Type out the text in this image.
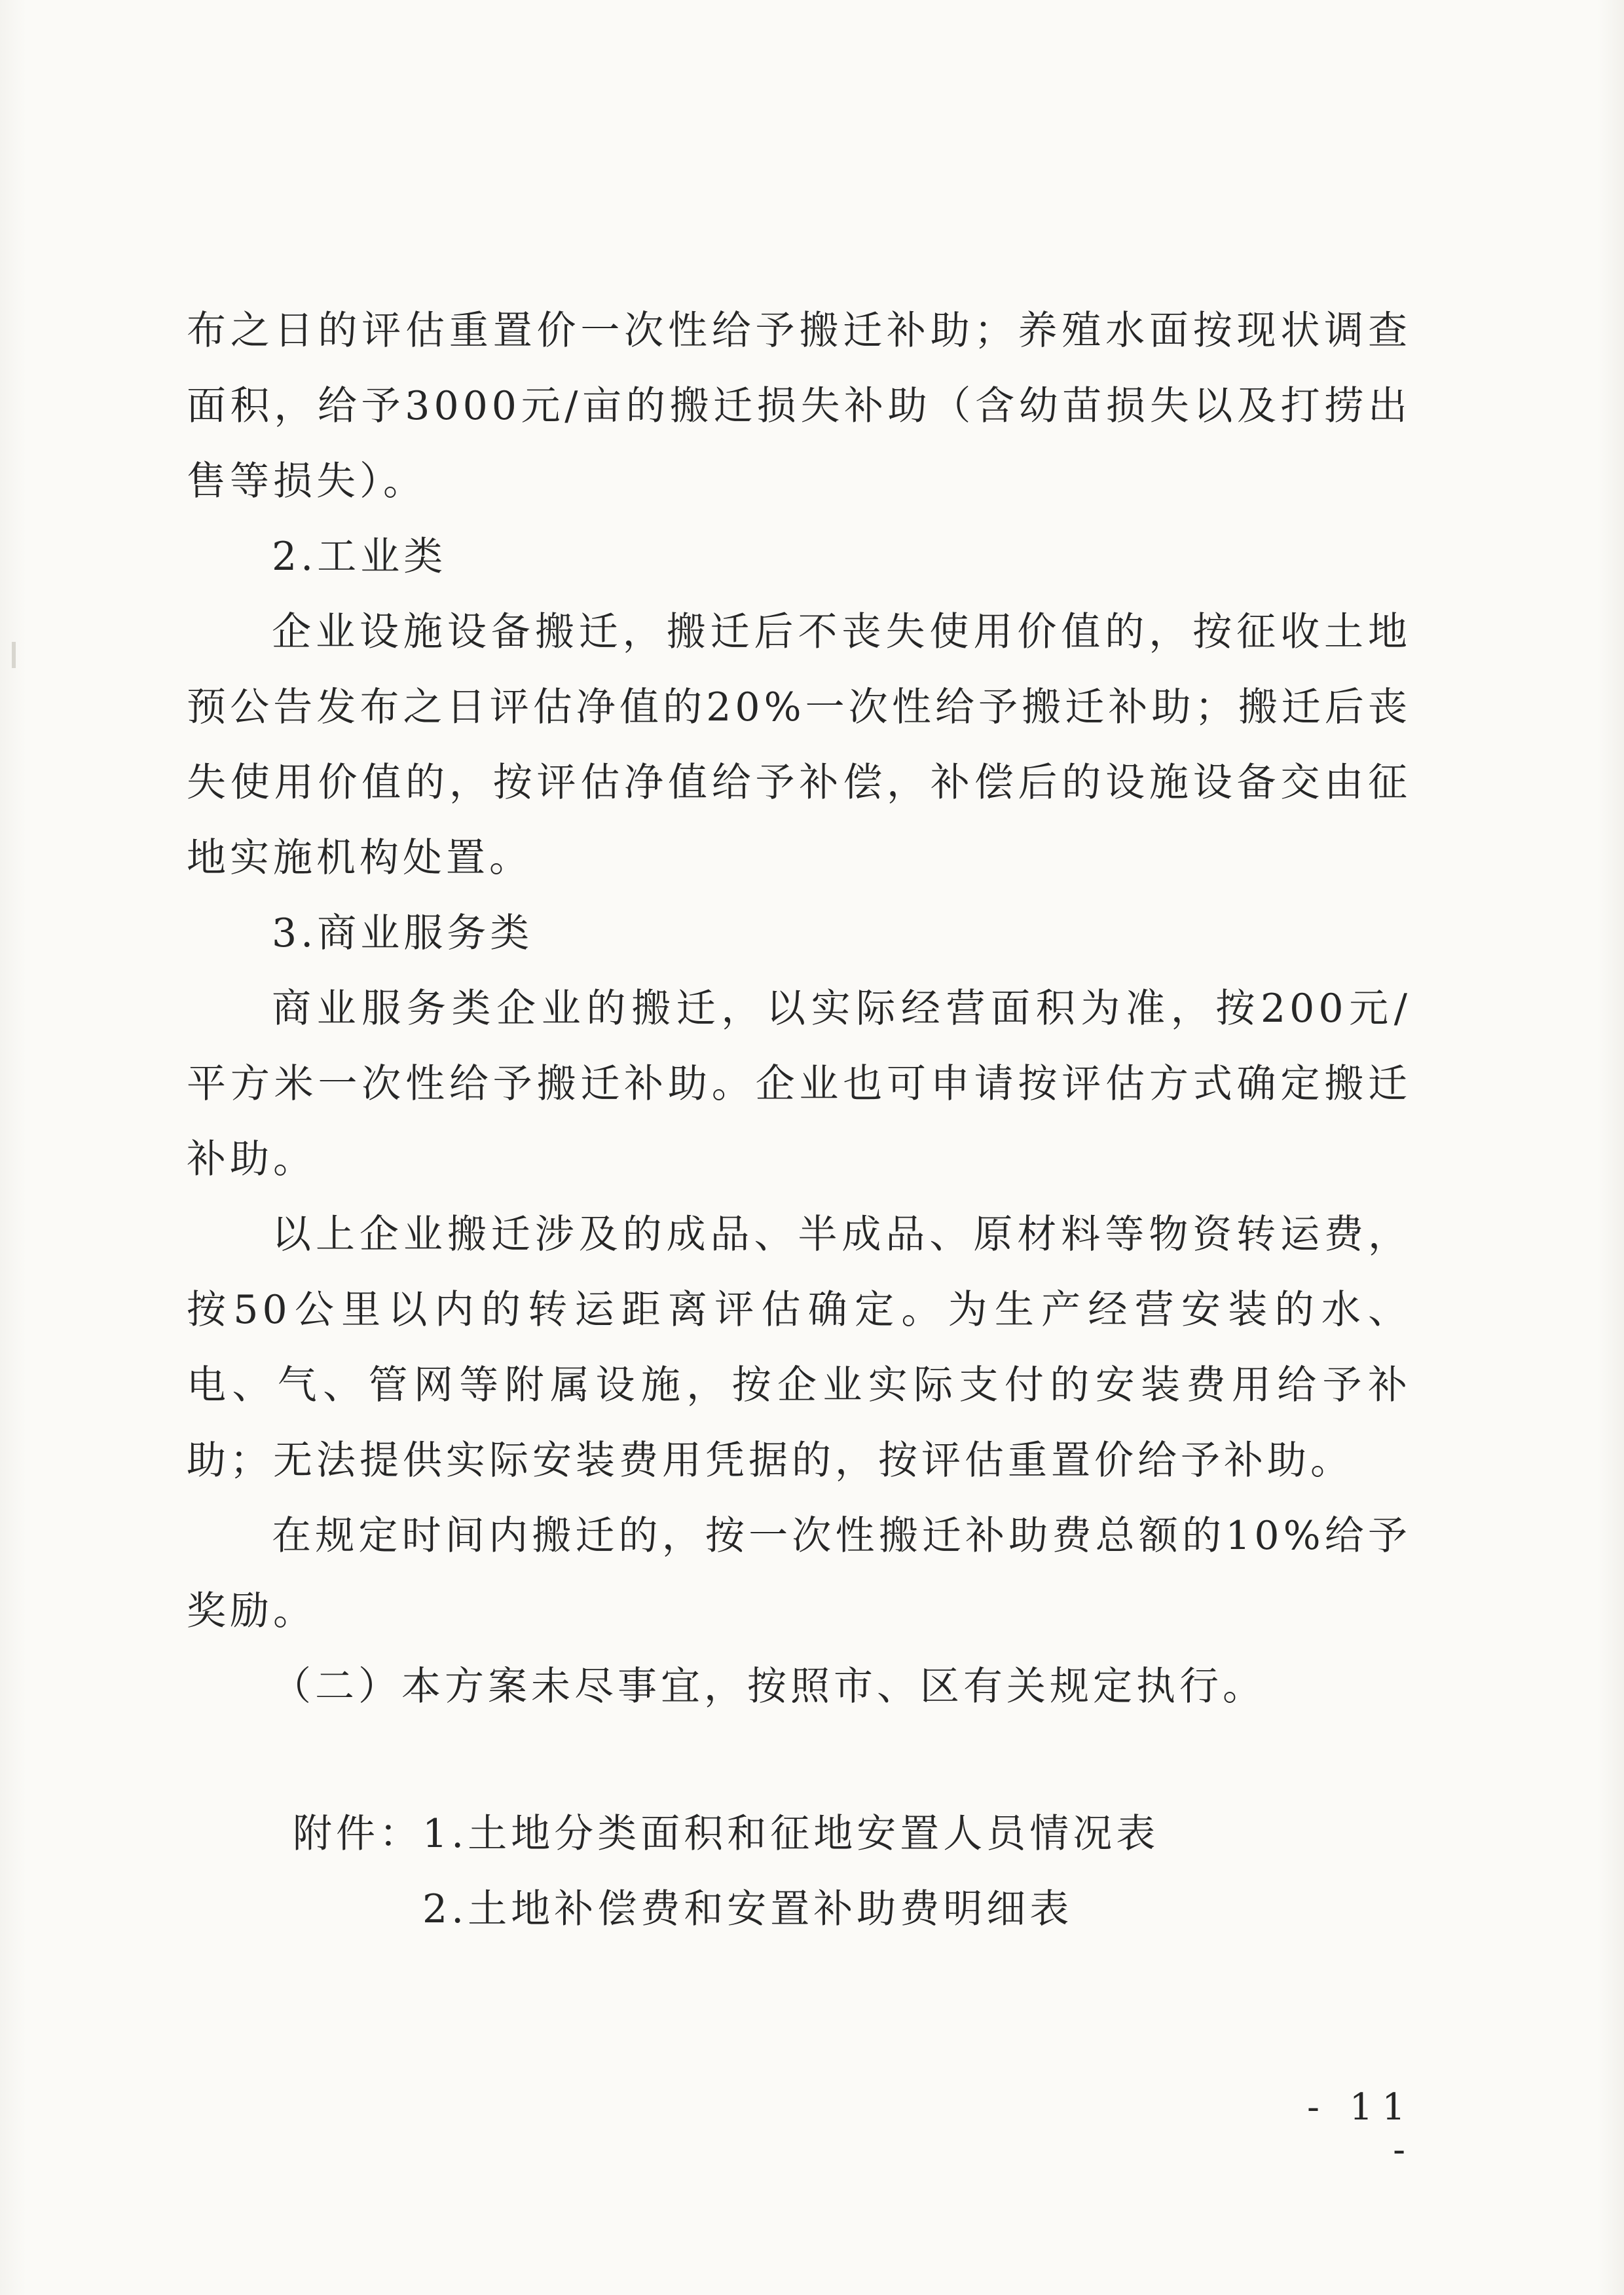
布之日的评估重置价一次性给予搬迁补助；养殖水面按现状调查面积，给予3000元/亩的搬迁损失补助（含幼苗损失以及打捞出售等损失）。

2.工业类

企业设施设备搬迁，搬迁后不丧失使用价值的，按征收土地预公告发布之日评估净值的20%一次性给予搬迁补助；搬迁后丧失使用价值的，按评估净值给予补偿，补偿后的设施设备交由征地实施机构处置。

3.商业服务类

商业服务类企业的搬迁，以实际经营面积为准，按200元/平方米一次性给予搬迁补助。企业也可申请按评估方式确定搬迁补助。

以上企业搬迁涉及的成品、半成品、原材料等物资转运费，按50公里以内的转运距离评估确定。为生产经营安装的水、电、气、管网等附属设施，按企业实际支付的安装费用给予补助；无法提供实际安装费用凭据的，按评估重置价给予补助。

在规定时间内搬迁的，按一次性搬迁补助费总额的10%给予奖励。

（二）本方案未尽事宜，按照市、区有关规定执行。

附件：1.土地分类面积和征地安置人员情况表
2.土地补偿费和安置补助费明细表
- 11 -
